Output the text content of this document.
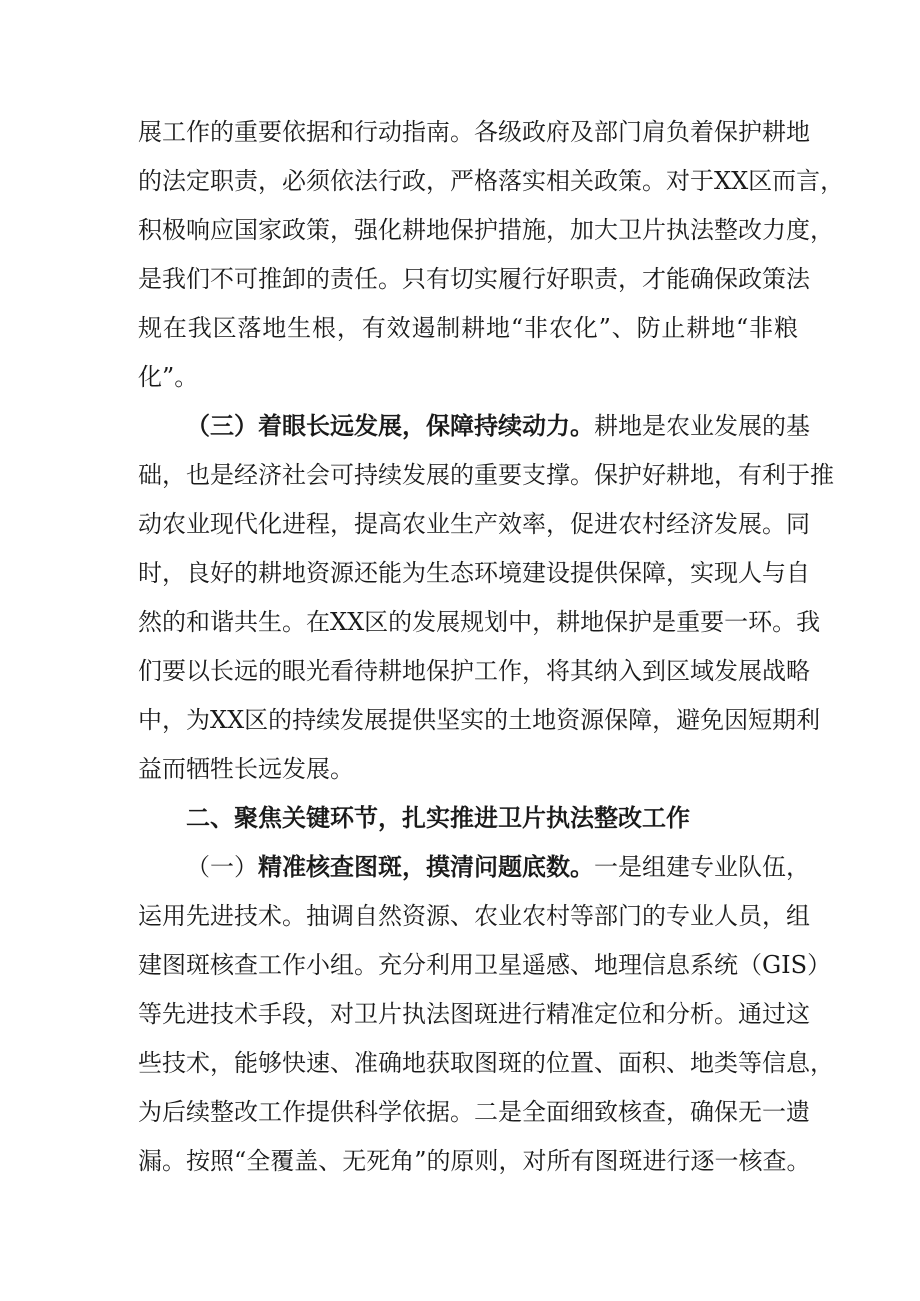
展工作的重要依据和行动指南。各级政府及部门肩负着保护耕地
的法定职责，必须依法行政，严格落实相关政策。对于XX区而言，
积极响应国家政策，强化耕地保护措施，加大卫片执法整改力度，
是我们不可推卸的责任。只有切实履行好职责，才能确保政策法
规在我区落地生根，有效遏制耕地“非农化”、防止耕地“非粮
化”。
（三）着眼长远发展，保障持续动力。耕地是农业发展的基
础，也是经济社会可持续发展的重要支撑。保护好耕地，有利于推
动农业现代化进程，提高农业生产效率，促进农村经济发展。同
时，良好的耕地资源还能为生态环境建设提供保障，实现人与自
然的和谐共生。在XX区的发展规划中，耕地保护是重要一环。我
们要以长远的眼光看待耕地保护工作，将其纳入到区域发展战略
中，为XX区的持续发展提供坚实的土地资源保障，避免因短期利
益而牺牲长远发展。
二、聚焦关键环节，扎实推进卫片执法整改工作
（一）精准核查图斑，摸清问题底数。一是组建专业队伍，
运用先进技术。抽调自然资源、农业农村等部门的专业人员，组
建图斑核查工作小组。充分利用卫星遥感、地理信息系统（GIS）
等先进技术手段，对卫片执法图斑进行精准定位和分析。通过这
些技术，能够快速、准确地获取图斑的位置、面积、地类等信息，
为后续整改工作提供科学依据。二是全面细致核查，确保无一遗
漏。按照“全覆盖、无死角”的原则，对所有图斑进行逐一核查。
